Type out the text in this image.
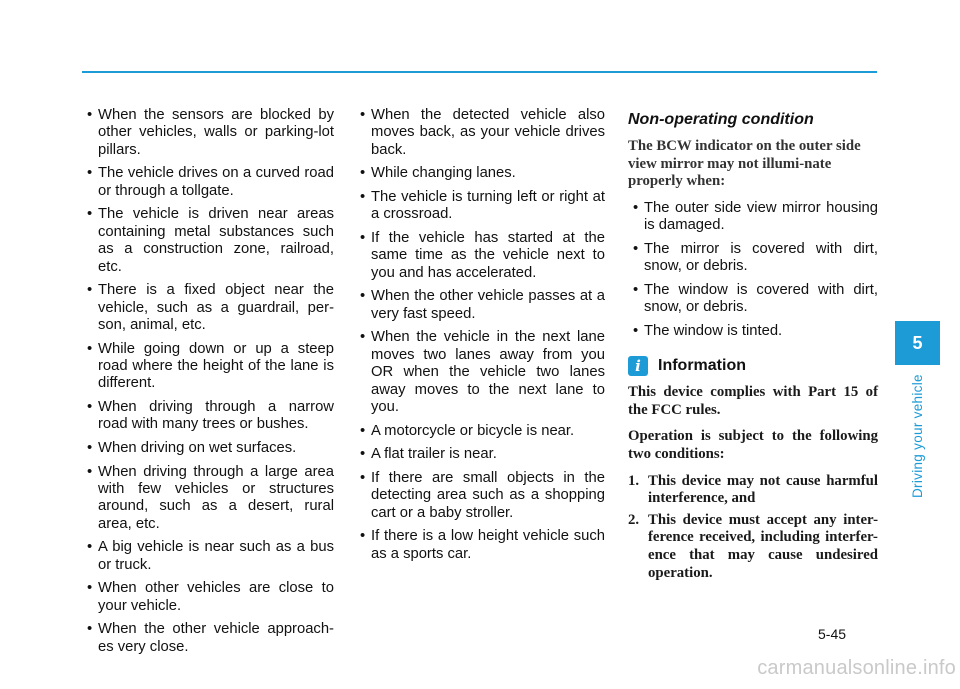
• When the sensors are blocked by other vehicles, walls or parking-lot pillars.
• The vehicle drives on a curved road or through a tollgate.
• The vehicle is driven near areas containing metal substances such as a construction zone, railroad, etc.
• There is a fixed object near the vehicle, such as a guardrail, per-son, animal, etc.
• While going down or up a steep road where the height of the lane is different.
• When driving through a narrow road with many trees or bushes.
• When driving on wet surfaces.
• When driving through a large area with few vehicles or structures around, such as a desert, rural area, etc.
• A big vehicle is near such as a bus or truck.
• When other vehicles are close to your vehicle.
• When the other vehicle approach-es very close.
• When the detected vehicle also moves back, as your vehicle drives back.
• While changing lanes.
• The vehicle is turning left or right at a crossroad.
• If the vehicle has started at the same time as the vehicle next to you and has accelerated.
• When the other vehicle passes at a very fast speed.
• When the vehicle in the next lane moves two lanes away from you OR when the vehicle two lanes away moves to the next lane to you.
• A motorcycle or bicycle is near.
• A flat trailer is near.
• If there are small objects in the detecting area such as a shopping cart or a baby stroller.
• If there is a low height vehicle such as a sports car.
Non-operating condition

The BCW indicator on the outer side view mirror may not illumi-nate properly when:

• The outer side view mirror housing is damaged.
• The mirror is covered with dirt, snow, or debris.
• The window is covered with dirt, snow, or debris.
• The window is tinted.
i	Information

This device complies with Part 15 of the FCC rules.

Operation is subject to the following two conditions:

1. This device may not cause harmful interference, and
2. This device must accept any inter-ference received, including interfer-ence that may cause undesired operation.
5
Driving your vehicle
5-45
carmanualsonline.info
